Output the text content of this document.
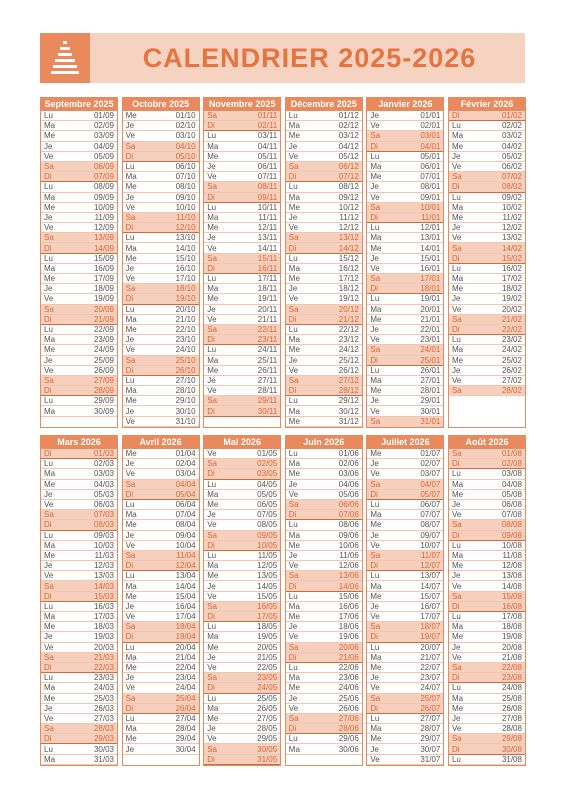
CALENDRIER 2025-2026
Septembre 2025
Lu	01/09
Ma	02/09
Me	03/09
Je	04/09
Ve	05/09
Sa	06/09
Di	07/09
Lu	08/09
Ma	09/09
Me	10/09
Je	11/09
Ve	12/09
Sa	13/09
Di	14/09
Lu	15/09
Ma	16/09
Me	17/09
Je	18/09
Ve	19/09
Sa	20/09
Di	21/09
Lu	22/09
Ma	23/09
Me	24/09
Je	25/09
Ve	26/09
Sa	27/09
Di	28/09
Lu	29/09
Ma	30/09
Octobre 2025
Me	01/10
Je	02/10
Ve	03/10
Sa	04/10
Di	05/10
Lu	06/10
Ma	07/10
Me	08/10
Je	09/10
Ve	10/10
Sa	11/10
Di	12/10
Lu	13/10
Ma	14/10
Me	15/10
Je	16/10
Ve	17/10
Sa	18/10
Di	19/10
Lu	20/10
Ma	21/10
Me	22/10
Je	23/10
Ve	24/10
Sa	25/10
Di	26/10
Lu	27/10
Ma	28/10
Me	29/10
Je	30/10
Ve	31/10
Novembre 2025
Sa	01/11
Di	02/11
Lu	03/11
Ma	04/11
Me	05/11
Je	06/11
Ve	07/11
Sa	08/11
Di	09/11
Lu	10/11
Ma	11/11
Me	12/11
Je	13/11
Ve	14/11
Sa	15/11
Di	16/11
Lu	17/11
Ma	18/11
Me	19/11
Je	20/11
Ve	21/11
Sa	22/11
Di	23/11
Lu	24/11
Ma	25/11
Me	26/11
Je	27/11
Ve	28/11
Sa	29/11
Di	30/11
Décembre 2025
Lu	01/12
Ma	02/12
Me	03/12
Je	04/12
Ve	05/12
Sa	06/12
Di	07/12
Lu	08/12
Ma	09/12
Me	10/12
Je	11/12
Ve	12/12
Sa	13/12
Di	14/12
Lu	15/12
Ma	16/12
Me	17/12
Je	18/12
Ve	19/12
Sa	20/12
Di	21/12
Lu	22/12
Ma	23/12
Me	24/12
Je	25/12
Ve	26/12
Sa	27/12
Di	28/12
Lu	29/12
Ma	30/12
Me	31/12
Janvier 2026
Je	01/01
Ve	02/01
Sa	03/01
Di	04/01
Lu	05/01
Ma	06/01
Me	07/01
Je	08/01
Ve	09/01
Sa	10/01
Di	11/01
Lu	12/01
Ma	13/01
Me	14/01
Je	15/01
Ve	16/01
Sa	17/01
Di	18/01
Lu	19/01
Ma	20/01
Me	21/01
Je	22/01
Ve	23/01
Sa	24/01
Di	25/01
Lu	26/01
Ma	27/01
Me	28/01
Je	29/01
Ve	30/01
Sa	31/01
Février 2026
Di	01/02
Lu	02/02
Ma	03/02
Me	04/02
Je	05/02
Ve	06/02
Sa	07/02
Di	08/02
Lu	09/02
Ma	10/02
Me	11/02
Je	12/02
Ve	13/02
Sa	14/02
Di	15/02
Lu	16/02
Ma	17/02
Me	18/02
Je	19/02
Ve	20/02
Sa	21/02
Di	22/02
Lu	23/02
Ma	24/02
Me	25/02
Je	26/02
Ve	27/02
Sa	28/02
Mars 2026
Di	01/03
Lu	02/03
Ma	03/03
Me	04/03
Je	05/03
Ve	06/03
Sa	07/03
Di	08/03
Lu	09/03
Ma	10/03
Me	11/03
Je	12/03
Ve	13/03
Sa	14/03
Di	15/03
Lu	16/03
Ma	17/03
Me	18/03
Je	19/03
Ve	20/03
Sa	21/03
Di	22/03
Lu	23/03
Ma	24/03
Me	25/03
Je	26/03
Ve	27/03
Sa	28/03
Di	29/03
Lu	30/03
Ma	31/03
Avril 2026
Me	01/04
Je	02/04
Ve	03/04
Sa	04/04
Di	05/04
Lu	06/04
Ma	07/04
Me	08/04
Je	09/04
Ve	10/04
Sa	11/04
Di	12/04
Lu	13/04
Ma	14/04
Me	15/04
Je	16/04
Ve	17/04
Sa	18/04
Di	19/04
Lu	20/04
Ma	21/04
Me	22/04
Je	23/04
Ve	24/04
Sa	25/04
Di	26/04
Lu	27/04
Ma	28/04
Me	29/04
Je	30/04
Mai 2026
Ve	01/05
Sa	02/05
Di	03/05
Lu	04/05
Ma	05/05
Me	06/05
Je	07/05
Ve	08/05
Sa	09/05
Di	10/05
Lu	11/05
Ma	12/05
Me	13/05
Je	14/05
Ve	15/05
Sa	16/05
Di	17/05
Lu	18/05
Ma	19/05
Me	20/05
Je	21/05
Ve	22/05
Sa	23/05
Di	24/05
Lu	25/05
Ma	26/05
Me	27/05
Je	28/05
Ve	29/05
Sa	30/05
Di	31/05
Juin 2026
Lu	01/06
Ma	02/06
Me	03/06
Je	04/06
Ve	05/06
Sa	06/06
Di	07/06
Lu	08/06
Ma	09/06
Me	10/06
Je	11/06
Ve	12/06
Sa	13/06
Di	14/06
Lu	15/06
Ma	16/06
Me	17/06
Je	18/06
Ve	19/06
Sa	20/06
Di	21/06
Lu	22/06
Ma	23/06
Me	24/06
Je	25/06
Ve	26/06
Sa	27/06
Di	28/06
Lu	29/06
Ma	30/06
Juillet 2026
Me	01/07
Je	02/07
Ve	03/07
Sa	04/07
Di	05/07
Lu	06/07
Ma	07/07
Me	08/07
Je	09/07
Ve	10/07
Sa	11/07
Di	12/07
Lu	13/07
Ma	14/07
Me	15/07
Je	16/07
Ve	17/07
Sa	18/07
Di	19/07
Lu	20/07
Ma	21/07
Me	22/07
Je	23/07
Ve	24/07
Sa	25/07
Di	26/07
Lu	27/07
Ma	28/07
Me	29/07
Je	30/07
Ve	31/07
Août 2026
Sa	01/08
Di	02/08
Lu	03/08
Ma	04/08
Me	05/08
Je	06/08
Ve	07/08
Sa	08/08
Di	09/08
Lu	10/08
Ma	11/08
Me	12/08
Je	13/08
Ve	14/08
Sa	15/08
Di	16/08
Lu	17/08
Ma	18/08
Me	19/08
Je	20/08
Ve	21/08
Sa	22/08
Di	23/08
Lu	24/08
Ma	25/08
Me	26/08
Je	27/08
Ve	28/08
Sa	29/08
Di	30/08
Lu	31/08
